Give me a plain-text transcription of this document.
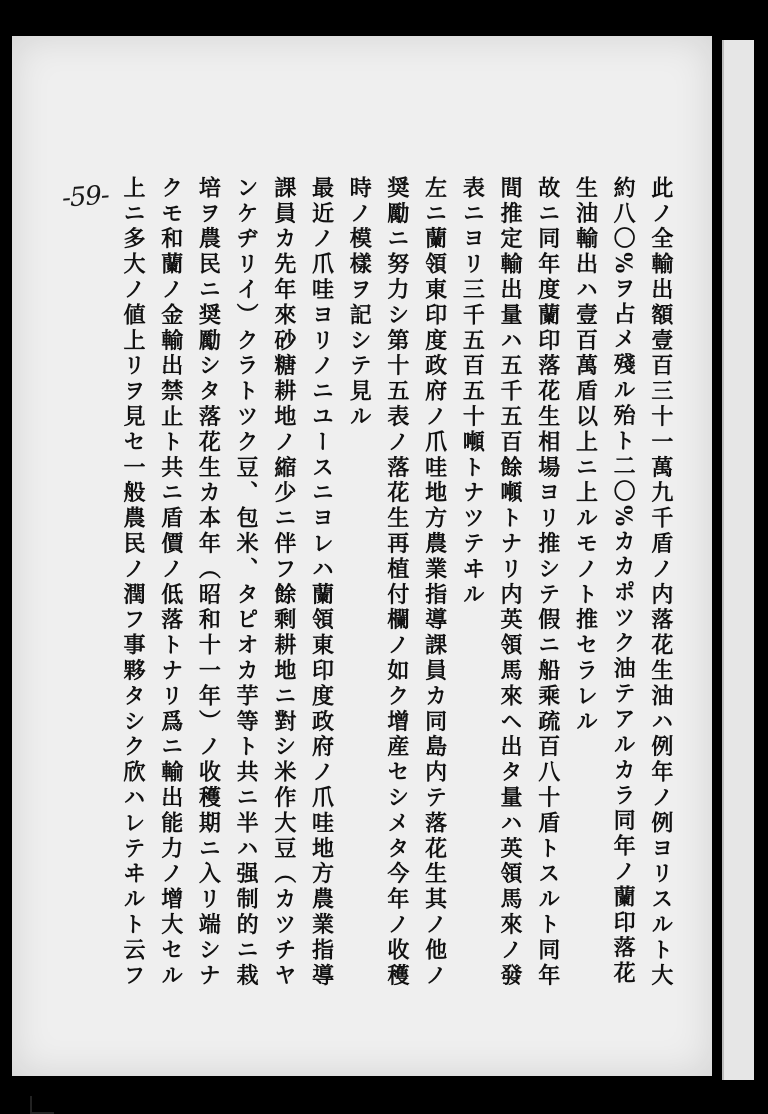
-59-	此ノ全輸出額壹百三十一萬九千盾ノ内落花生油ハ例年ノ例ヨリスルト大
約八〇%ヲ占メ殘ル殆ト二〇%カカポツク油テアルカラ同年ノ蘭印落花
生油輸出ハ壹百萬盾以上ニ上ルモノト推セラレル
故ニ同年度蘭印落花生相場ヨリ推シテ假ニ船乘疏百八十盾トスルト同年
間推定輸出量ハ五千五百餘噸トナリ内英領馬來ヘ出タ量ハ英領馬來ノ發
表ニヨリ三千五百五十噸トナツテヰル
左ニ蘭領東印度政府ノ爪哇地方農業指導課員カ同島内テ落花生其ノ他ノ
奨勵ニ努力シ第十五表ノ落花生再植付欄ノ如ク增産セシメタ今年ノ收穫
時ノ模樣ヲ記シテ見ル
最近ノ爪哇ヨリノニユースニヨレハ蘭領東印度政府ノ爪哇地方農業指導
課員カ先年來砂糖耕地ノ縮少ニ伴フ餘剩耕地ニ對シ米作大豆（カツチヤ
ンケヂリイ）クラトツク豆、包米、タピオカ芋等ト共ニ半ハ强制的ニ栽
培ヲ農民ニ奨勵シタ落花生カ本年（昭和十一年）ノ收穫期ニ入リ端シナ
クモ和蘭ノ金輸出禁止ト共ニ盾價ノ低落トナリ爲ニ輸出能力ノ增大セル
上ニ多大ノ値上リヲ見セ一般農民ノ潤フ事夥タシク欣ハレテヰルト云フ
